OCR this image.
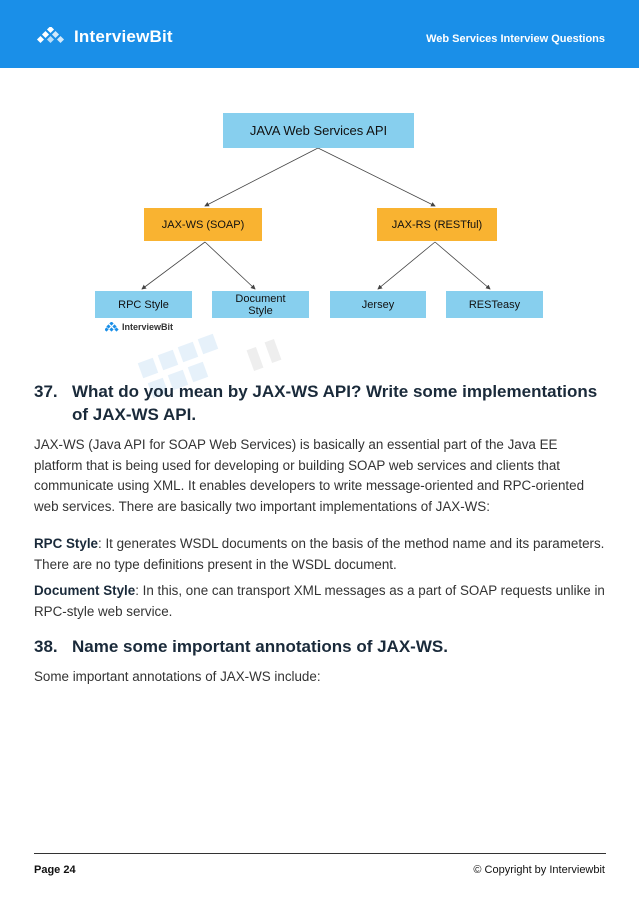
InterviewBit	Web Services Interview Questions
JAVA Web Services API
JAX-WS (SOAP)	JAX-RS (RESTful)
RPC Style	Document Style	Jersey	RESTeasy
InterviewBit
37. What do you mean by JAX-WS API? Write some implementations of JAX-WS API.

JAX-WS (Java API for SOAP Web Services) is basically an essential part of the Java EE platform that is being used for developing or building SOAP web services and clients that communicate using XML. It enables developers to write message-oriented and RPC-oriented web services. There are basically two important implementations of JAX-WS:

RPC Style: It generates WSDL documents on the basis of the method name and its parameters. There are no type definitions present in the WSDL document.

Document Style: In this, one can transport XML messages as a part of SOAP requests unlike in RPC-style web service.

38. Name some important annotations of JAX-WS.

Some important annotations of JAX-WS include:

Page 24	© Copyright by Interviewbit
